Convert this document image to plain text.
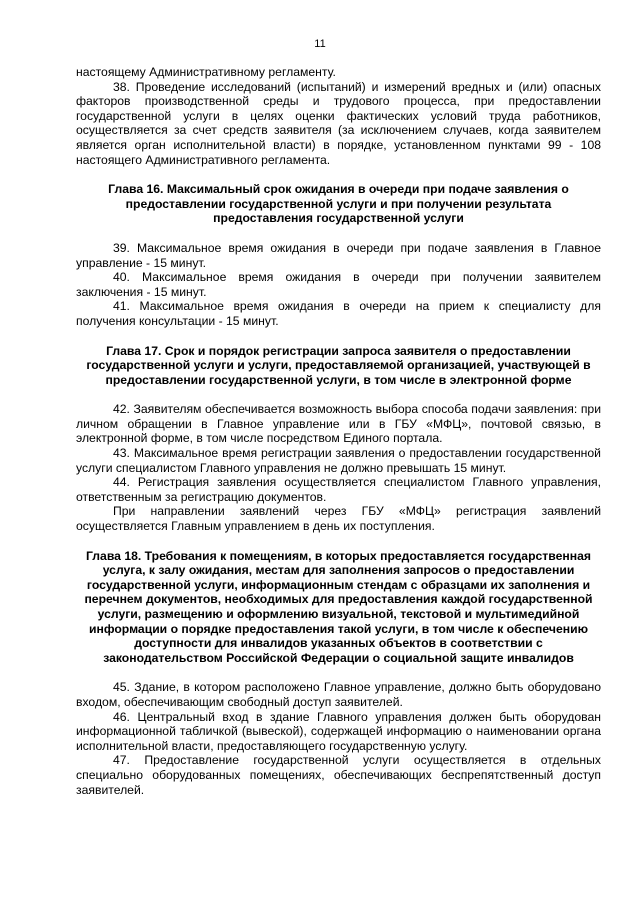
11

настоящему Административному регламенту.

38. Проведение исследований (испытаний) и измерений вредных и (или) опасных факторов производственной среды и трудового процесса, при предоставлении государственной услуги в целях оценки фактических условий труда работников, осуществляется за счет средств заявителя (за исключением случаев, когда заявителем является орган исполнительной власти) в порядке, установленном пунктами 99 - 108 настоящего Административного регламента.

Глава 16. Максимальный срок ожидания в очереди при подаче заявления о предоставлении государственной услуги и при получении результата предоставления государственной услуги

39. Максимальное время ожидания в очереди при подаче заявления в Главное управление - 15 минут.

40. Максимальное время ожидания в очереди при получении заявителем заключения - 15 минут.

41. Максимальное время ожидания в очереди на прием к специалисту для получения консультации - 15 минут.

Глава 17. Срок и порядок регистрации запроса заявителя о предоставлении государственной услуги и услуги, предоставляемой организацией, участвующей в предоставлении государственной услуги, в том числе в электронной форме

42. Заявителям обеспечивается возможность выбора способа подачи заявления: при личном обращении в Главное управление или в ГБУ «МФЦ», почтовой связью, в электронной форме, в том числе посредством Единого портала.

43. Максимальное время регистрации заявления о предоставлении государственной услуги специалистом Главного управления не должно превышать 15 минут.

44. Регистрация заявления осуществляется специалистом Главного управления, ответственным за регистрацию документов.

При направлении заявлений через ГБУ «МФЦ» регистрация заявлений осуществляется Главным управлением в день их поступления.

Глава 18. Требования к помещениям, в которых предоставляется государственная услуга, к залу ожидания, местам для заполнения запросов о предоставлении государственной услуги, информационным стендам с образцами их заполнения и перечнем документов, необходимых для предоставления каждой государственной услуги, размещению и оформлению визуальной, текстовой и мультимедийной информации о порядке предоставления такой услуги, в том числе к обеспечению доступности для инвалидов указанных объектов в соответствии с законодательством Российской Федерации о социальной защите инвалидов

45. Здание, в котором расположено Главное управление, должно быть оборудовано входом, обеспечивающим свободный доступ заявителей.

46. Центральный вход в здание Главного управления должен быть оборудован информационной табличкой (вывеской), содержащей информацию о наименовании органа исполнительной власти, предоставляющего государственную услугу.

47. Предоставление государственной услуги осуществляется в отдельных специально оборудованных помещениях, обеспечивающих беспрепятственный доступ заявителей.
